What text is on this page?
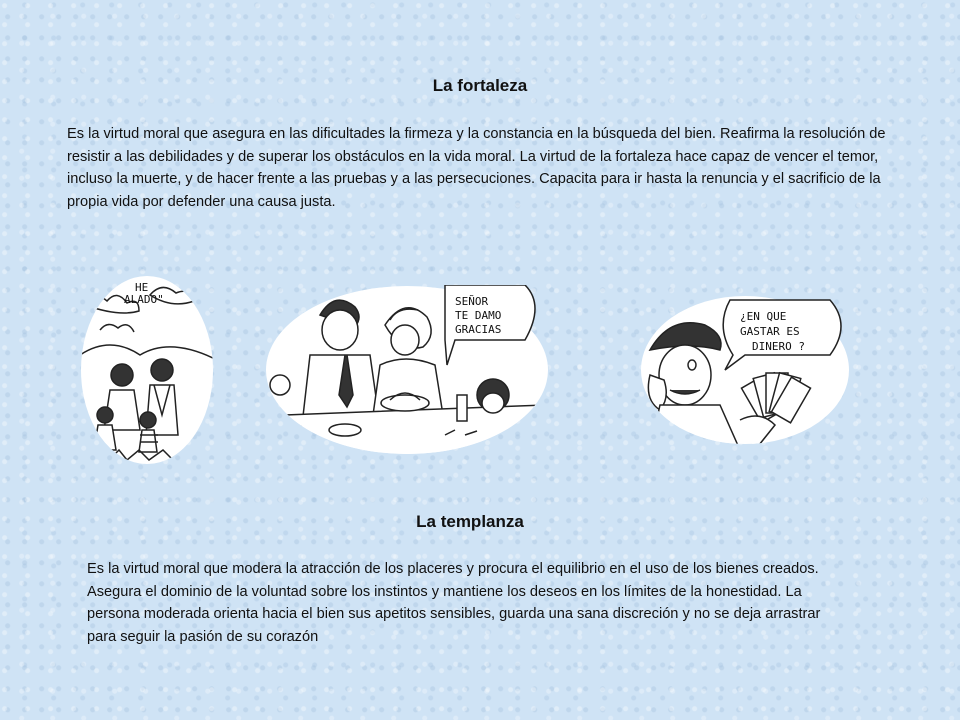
La fortaleza

Es la virtud moral que asegura en las dificultades la firmeza y la constancia en la búsqueda del bien. Reafirma la resolución de resistir a las debilidades y de superar los obstáculos en la vida moral. La virtud de la fortaleza hace capaz de vencer el temor, incluso la muerte, y de hacer frente a las pruebas y a las persecuciones. Capacita para ir hasta la renuncia y el sacrificio de la propia vida por defender una causa justa.

HE
ALADO"	SEÑOR
TE DAMO
GRACIAS
¿EN QUE
GASTAR ES
DINERO ?
La templanza

Es la virtud moral que modera la atracción de los placeres y procura el equilibrio en el uso de los bienes creados. Asegura el dominio de la voluntad sobre los instintos y mantiene los deseos en los límites de la honestidad. La persona moderada orienta hacia el bien sus apetitos sensibles, guarda una sana discreción y no se deja arrastrar para seguir la pasión de su corazón
